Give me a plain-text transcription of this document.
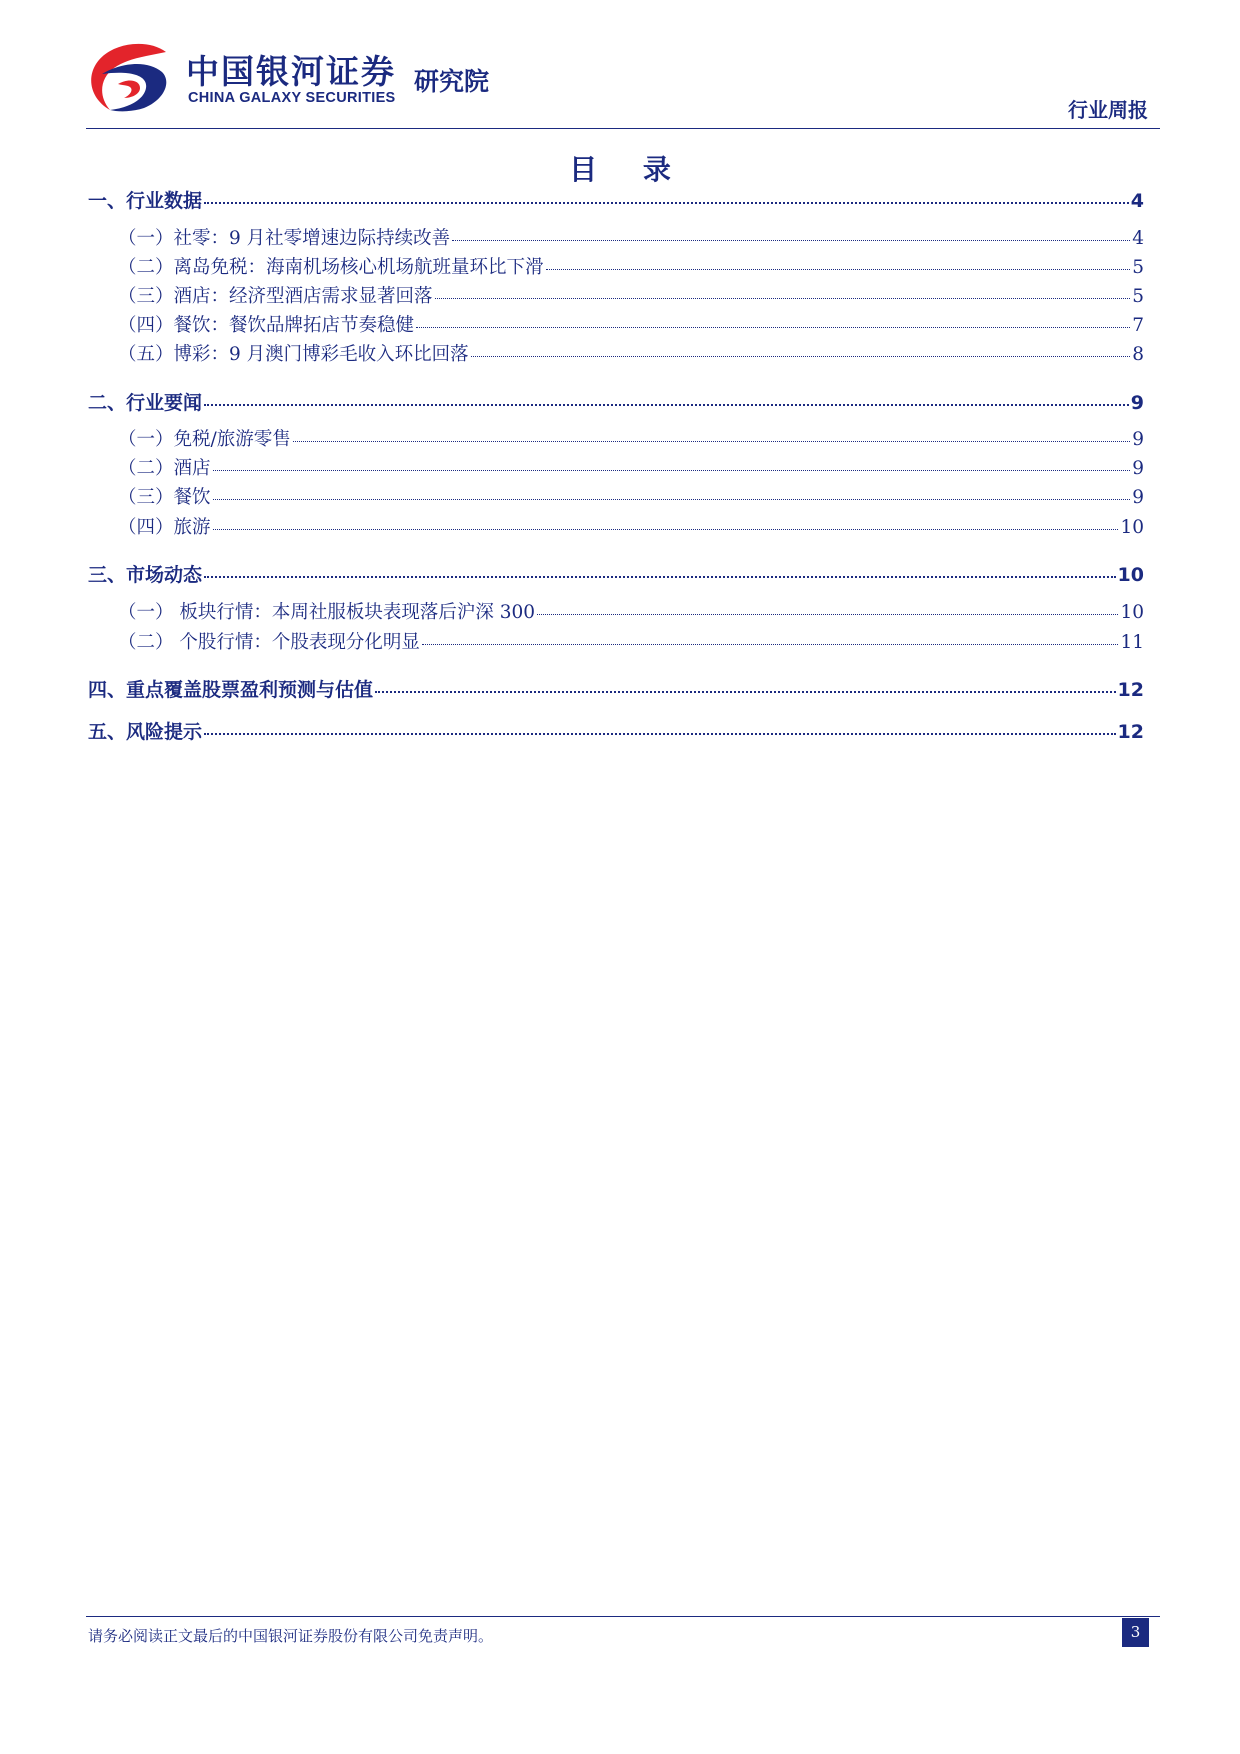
中国银河证券
CHINA GALAXY SECURITIES
研究院
行业周报
目 录
一、行业数据	4
（一）社零：9 月社零增速边际持续改善	4
（二）离岛免税：海南机场核心机场航班量环比下滑	5
（三）酒店：经济型酒店需求显著回落	5
（四）餐饮：餐饮品牌拓店节奏稳健	7
（五）博彩：9 月澳门博彩毛收入环比回落	8
二、行业要闻	9
（一）免税/旅游零售	9
（二）酒店	9
（三）餐饮	9
（四）旅游	10
三、市场动态	10
（一） 板块行情：本周社服板块表现落后沪深 300	10
（二） 个股行情：个股表现分化明显	11
四、重点覆盖股票盈利预测与估值	12
五、风险提示	12
请务必阅读正文最后的中国银河证券股份有限公司免责声明。	3
